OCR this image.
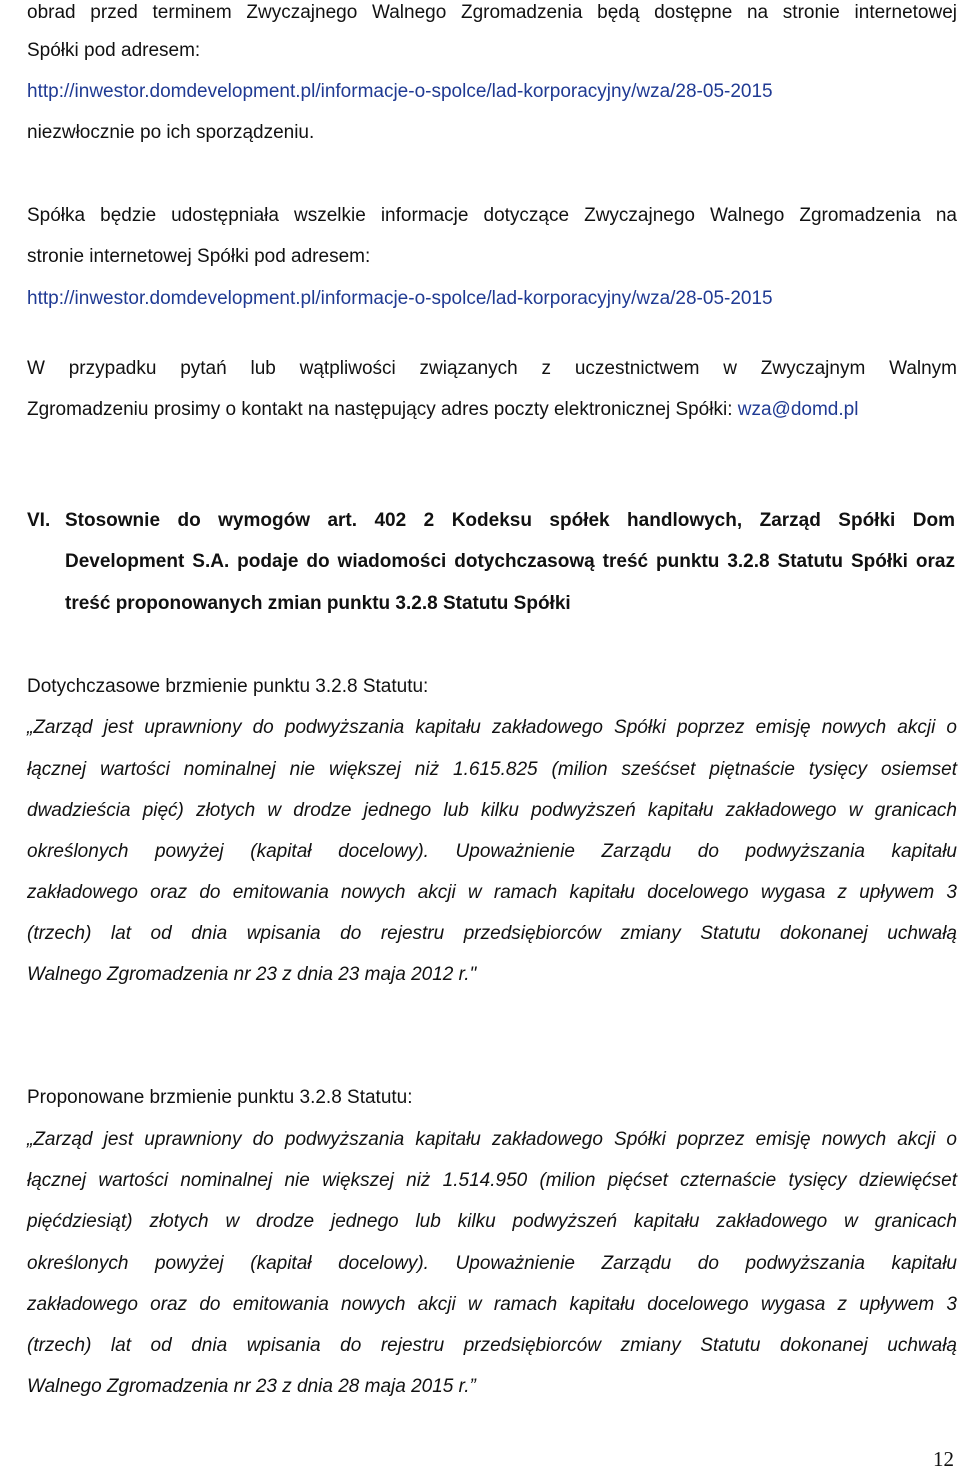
obrad przed terminem Zwyczajnego Walnego Zgromadzenia będą dostępne na stronie internetowej
Spółki pod adresem:
http://inwestor.domdevelopment.pl/informacje-o-spolce/lad-korporacyjny/wza/28-05-2015
niezwłocznie po ich sporządzeniu.
Spółka będzie udostępniała wszelkie informacje dotyczące Zwyczajnego Walnego Zgromadzenia na
stronie internetowej Spółki pod adresem:
http://inwestor.domdevelopment.pl/informacje-o-spolce/lad-korporacyjny/wza/28-05-2015
W przypadku pytań lub wątpliwości związanych z uczestnictwem w Zwyczajnym Walnym
Zgromadzeniu prosimy o kontakt na następujący adres poczty elektronicznej Spółki: wza@domd.pl
VI. Stosownie do wymogów art. 402 2 Kodeksu spółek handlowych, Zarząd Spółki Dom
Development S.A. podaje do wiadomości dotychczasową treść punktu 3.2.8 Statutu Spółki oraz
treść proponowanych zmian punktu 3.2.8 Statutu Spółki
Dotychczasowe brzmienie punktu 3.2.8 Statutu:
„Zarząd jest uprawniony do podwyższania kapitału zakładowego Spółki poprzez emisję nowych akcji o
łącznej wartości nominalnej nie większej niż 1.615.825 (milion sześćset piętnaście tysięcy osiemset
dwadzieścia pięć) złotych w drodze jednego lub kilku podwyższeń kapitału zakładowego w granicach
określonych powyżej (kapitał docelowy). Upoważnienie Zarządu do podwyższania kapitału
zakładowego oraz do emitowania nowych akcji w ramach kapitału docelowego wygasa z upływem 3
(trzech) lat od dnia wpisania do rejestru przedsiębiorców zmiany Statutu dokonanej uchwałą
Walnego Zgromadzenia nr 23 z dnia 23 maja 2012 r."
Proponowane brzmienie punktu 3.2.8 Statutu:
„Zarząd jest uprawniony do podwyższania kapitału zakładowego Spółki poprzez emisję nowych akcji o
łącznej wartości nominalnej nie większej niż 1.514.950 (milion pięćset czternaście tysięcy dziewięćset
pięćdziesiąt) złotych w drodze jednego lub kilku podwyższeń kapitału zakładowego w granicach
określonych powyżej (kapitał docelowy). Upoważnienie Zarządu do podwyższania kapitału
zakładowego oraz do emitowania nowych akcji w ramach kapitału docelowego wygasa z upływem 3
(trzech) lat od dnia wpisania do rejestru przedsiębiorców zmiany Statutu dokonanej uchwałą
Walnego Zgromadzenia nr 23 z dnia 28 maja 2015 r.”
12
